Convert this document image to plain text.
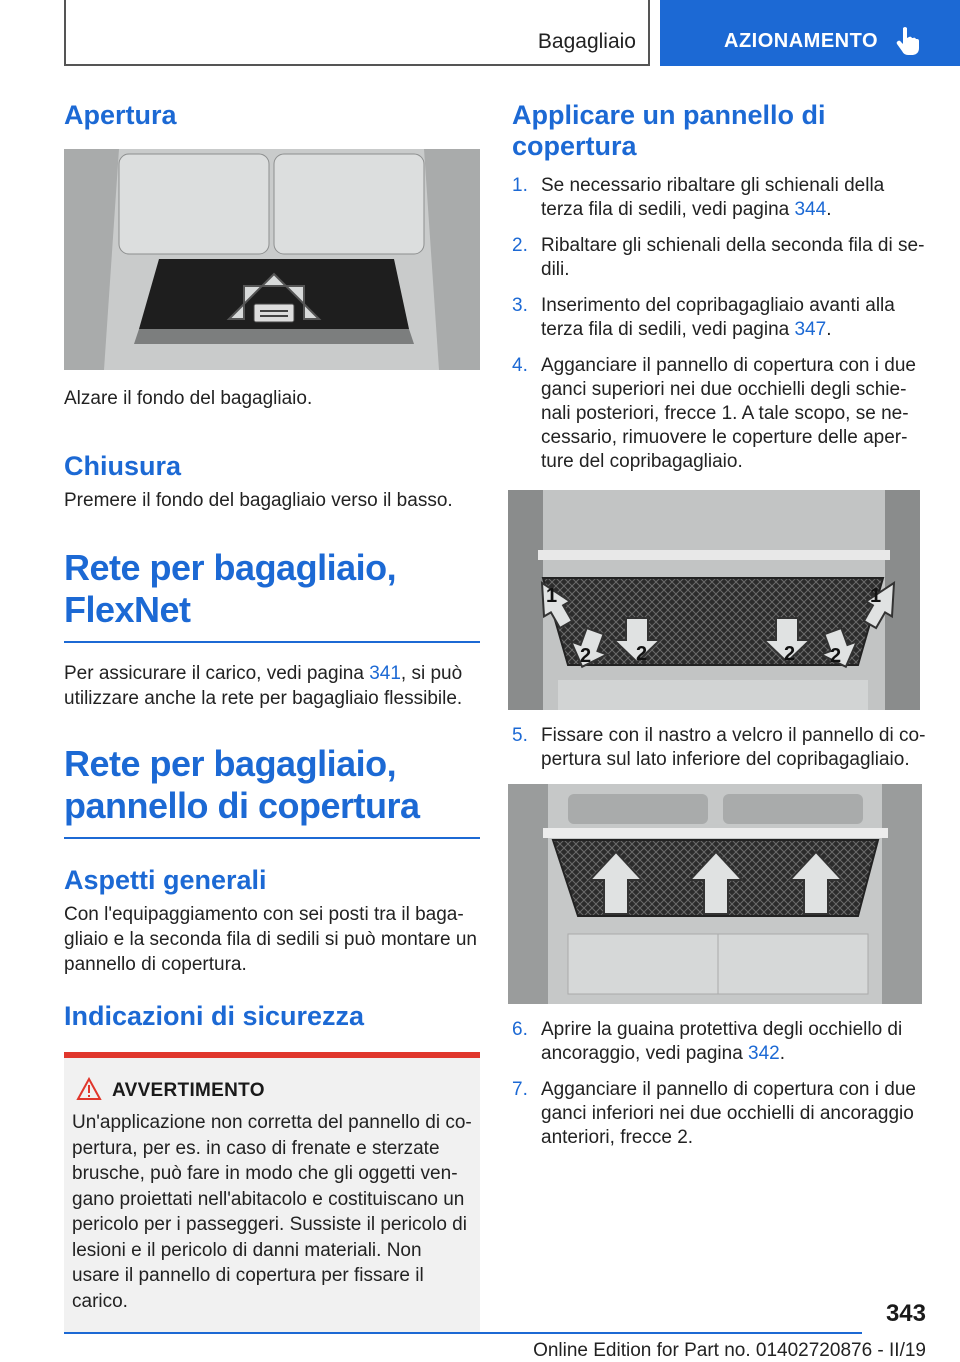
Bagagliaio	AZIONAMENTO
Apertura
Alzare il fondo del bagagliaio.
Chiusura
Premere il fondo del bagagliaio verso il basso.
Rete per bagagliaio,
FlexNet
Per assicurare il carico, vedi pagina 341, si può utilizzare anche la rete per bagagliaio flessibile.
Rete per bagagliaio,
pannello di copertura
Aspetti generali
Con l'equipaggiamento con sei posti tra il bagagliaio e la seconda fila di sedili si può montare un pannello di copertura.
Indicazioni di sicurezza
AVVERTIMENTO
Un'applicazione non corretta del pannello di copertura, per es. in caso di frenate e sterzate brusche, può fare in modo che gli oggetti vengano proiettati nell'abitacolo e costituiscano un pericolo per i passeggeri. Sussiste il pericolo di lesioni e il pericolo di danni materiali. Non usare il pannello di copertura per fissare il carico.
Applicare un pannello di copertura
1. Se necessario ribaltare gli schienali della terza fila di sedili, vedi pagina 344.
2. Ribaltare gli schienali della seconda fila di sedili.
3. Inserimento del copribagagliaio avanti alla terza fila di sedili, vedi pagina 347.
4. Agganciare il pannello di copertura con i due ganci superiori nei due occhielli degli schienali posteriori, frecce 1. A tale scopo, se necessario, rimuovere le coperture delle aperture del copribagagliaio.
1	1
2	2
2	2
5. Fissare con il nastro a velcro il pannello di copertura sul lato inferiore del copribagagliaio.
6. Aprire la guaina protettiva degli occhiello di ancoraggio, vedi pagina 342.
7. Agganciare il pannello di copertura con i due ganci inferiori nei due occhielli di ancoraggio anteriori, frecce 2.
343
Online Edition for Part no. 01402720876 - II/19
